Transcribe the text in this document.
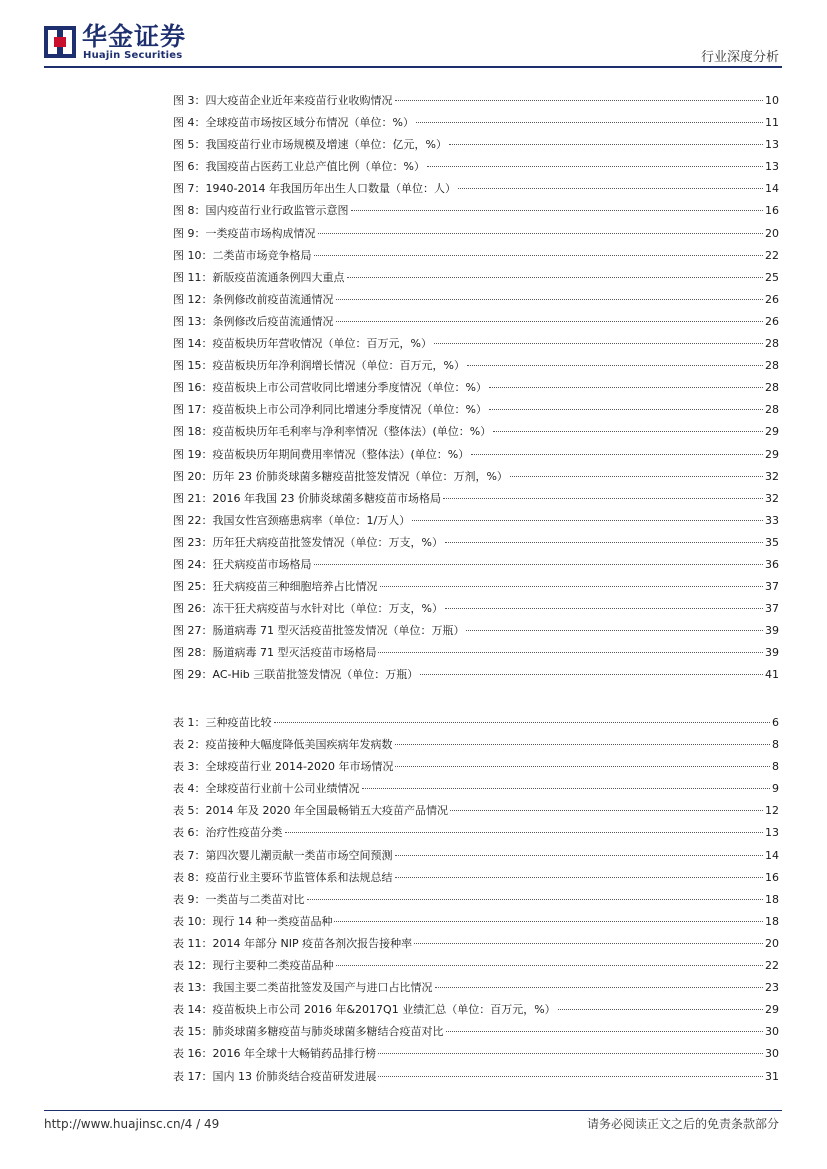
华金证券
Huajin Securities	行业深度分析
图 3：四大疫苗企业近年来疫苗行业收购情况	10
图 4：全球疫苗市场按区域分布情况（单位：%）	11
图 5：我国疫苗行业市场规模及增速（单位：亿元，%）	13
图 6：我国疫苗占医药工业总产值比例（单位：%）	13
图 7：1940-2014 年我国历年出生人口数量（单位：人）	14
图 8：国内疫苗行业行政监管示意图	16
图 9：一类疫苗市场构成情况	20
图 10：二类苗市场竞争格局	22
图 11：新版疫苗流通条例四大重点	25
图 12：条例修改前疫苗流通情况	26
图 13：条例修改后疫苗流通情况	26
图 14：疫苗板块历年营收情况（单位：百万元，%）	28
图 15：疫苗板块历年净利润增长情况（单位：百万元，%）	28
图 16：疫苗板块上市公司营收同比增速分季度情况（单位：%）	28
图 17：疫苗板块上市公司净利同比增速分季度情况（单位：%）	28
图 18：疫苗板块历年毛利率与净利率情况（整体法）(单位：%）	29
图 19：疫苗板块历年期间费用率情况（整体法）(单位：%）	29
图 20：历年 23 价肺炎球菌多糖疫苗批签发情况（单位：万剂，%）	32
图 21：2016 年我国 23 价肺炎球菌多糖疫苗市场格局	32
图 22：我国女性宫颈癌患病率（单位：1/万人）	33
图 23：历年狂犬病疫苗批签发情况（单位：万支，%）	35
图 24：狂犬病疫苗市场格局	36
图 25：狂犬病疫苗三种细胞培养占比情况	37
图 26：冻干狂犬病疫苗与水针对比（单位：万支，%）	37
图 27：肠道病毒 71 型灭活疫苗批签发情况（单位：万瓶）	39
图 28：肠道病毒 71 型灭活疫苗市场格局	39
图 29：AC-Hib 三联苗批签发情况（单位：万瓶）	41
表 1：三种疫苗比较	6
表 2：疫苗接种大幅度降低美国疾病年发病数	8
表 3：全球疫苗行业 2014-2020 年市场情况	8
表 4：全球疫苗行业前十公司业绩情况	9
表 5：2014 年及 2020 年全国最畅销五大疫苗产品情况	12
表 6：治疗性疫苗分类	13
表 7：第四次婴儿潮贡献一类苗市场空间预测	14
表 8：疫苗行业主要环节监管体系和法规总结	16
表 9：一类苗与二类苗对比	18
表 10：现行 14 种一类疫苗品种	18
表 11：2014 年部分 NIP 疫苗各剂次报告接种率	20
表 12：现行主要种二类疫苗品种	22
表 13：我国主要二类苗批签发及国产与进口占比情况	23
表 14：疫苗板块上市公司 2016 年&2017Q1 业绩汇总（单位：百万元，%）	29
表 15：肺炎球菌多糖疫苗与肺炎球菌多糖结合疫苗对比	30
表 16：2016 年全球十大畅销药品排行榜	30
表 17：国内 13 价肺炎结合疫苗研发进展	31
http://www.huajinsc.cn/4 / 49	请务必阅读正文之后的免责条款部分
